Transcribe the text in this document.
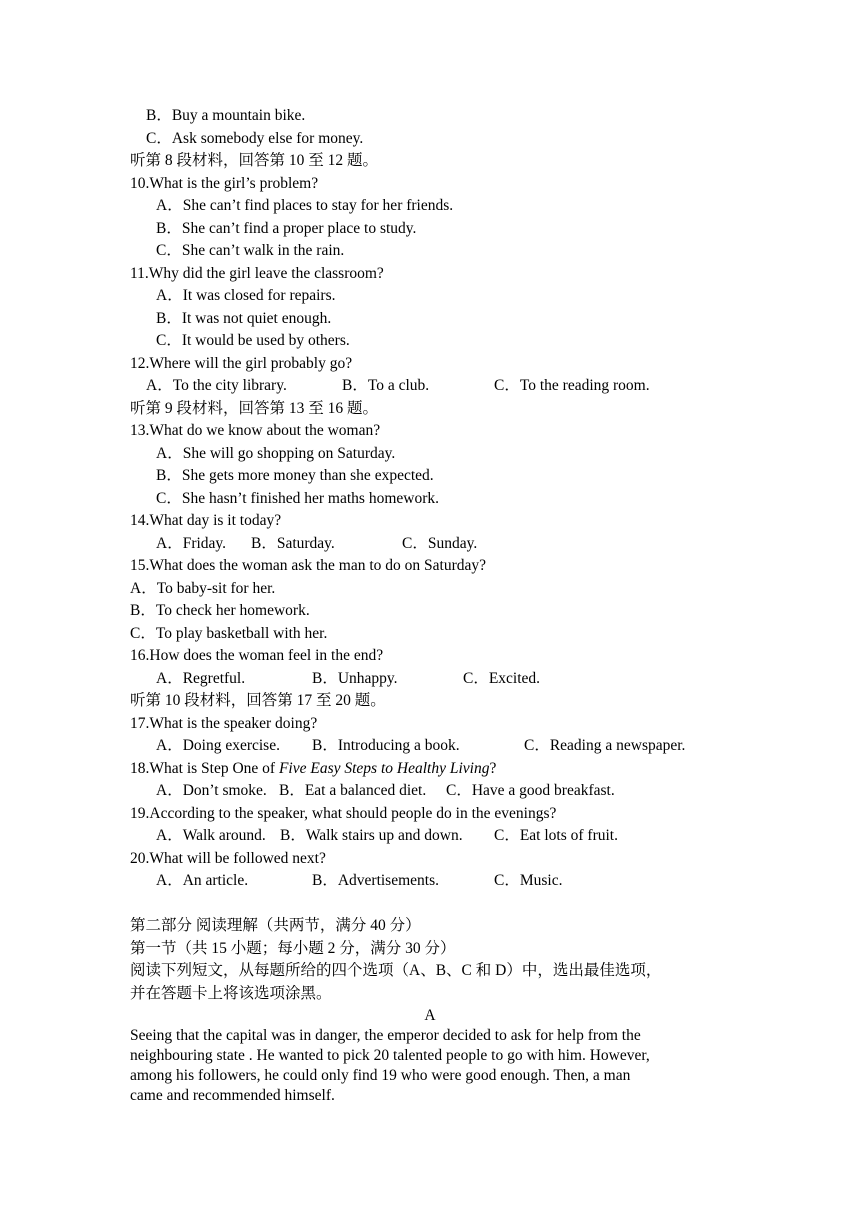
B．Buy a mountain bike.
C．Ask somebody else for money.
听第 8 段材料，回答第 10 至 12 题。
10.What is the girl’s problem?
A．She can’t find places to stay for her friends.
B．She can’t find a proper place to study.
C．She can’t walk in the rain.
11.Why did the girl leave the classroom?
A．It was closed for repairs.
B．It was not quiet enough.
C．It would be used by others.
12.Where will the girl probably go?
A．To the city library.	B．To a club.	C．To the reading room.
听第 9 段材料，回答第 13 至 16 题。
13.What do we know about the woman?
A．She will go shopping on Saturday.
B．She gets more money than she expected.
C．She hasn’t finished her maths homework.
14.What day is it today?
A．Friday. B．Saturday.	C．Sunday.
15.What does the woman ask the man to do on Saturday?
A．To baby-sit for her.
B．To check her homework.
C．To play basketball with her.
16.How does the woman feel in the end?
A．Regretful.	B．Unhappy.	C．Excited.
听第 10 段材料，回答第 17 至 20 题。
17.What is the speaker doing?
A．Doing exercise. B．Introducing a book.	C．Reading a newspaper.
18.What is Step One of Five Easy Steps to Healthy Living?
A．Don’t smoke. B．Eat a balanced diet. C．Have a good breakfast.
19.According to the speaker, what should people do in the evenings?
A．Walk around. B．Walk stairs up and down. C．Eat lots of fruit.
20.What will be followed next?
A．An article.	B．Advertisements.	C．Music.
第二部分 阅读理解（共两节，满分 40 分）
第一节（共 15 小题；每小题 2 分，满分 30 分）
阅读下列短文，从每题所给的四个选项（A、B、C 和 D）中，选出最佳选项，
并在答题卡上将该选项涂黑。
A

Seeing that the capital was in danger, the emperor decided to ask for help from the

neighbouring state . He wanted to pick 20 talented people to go with him. However,

among his followers, he could only find 19 who were good enough. Then, a man

came and recommended himself.
